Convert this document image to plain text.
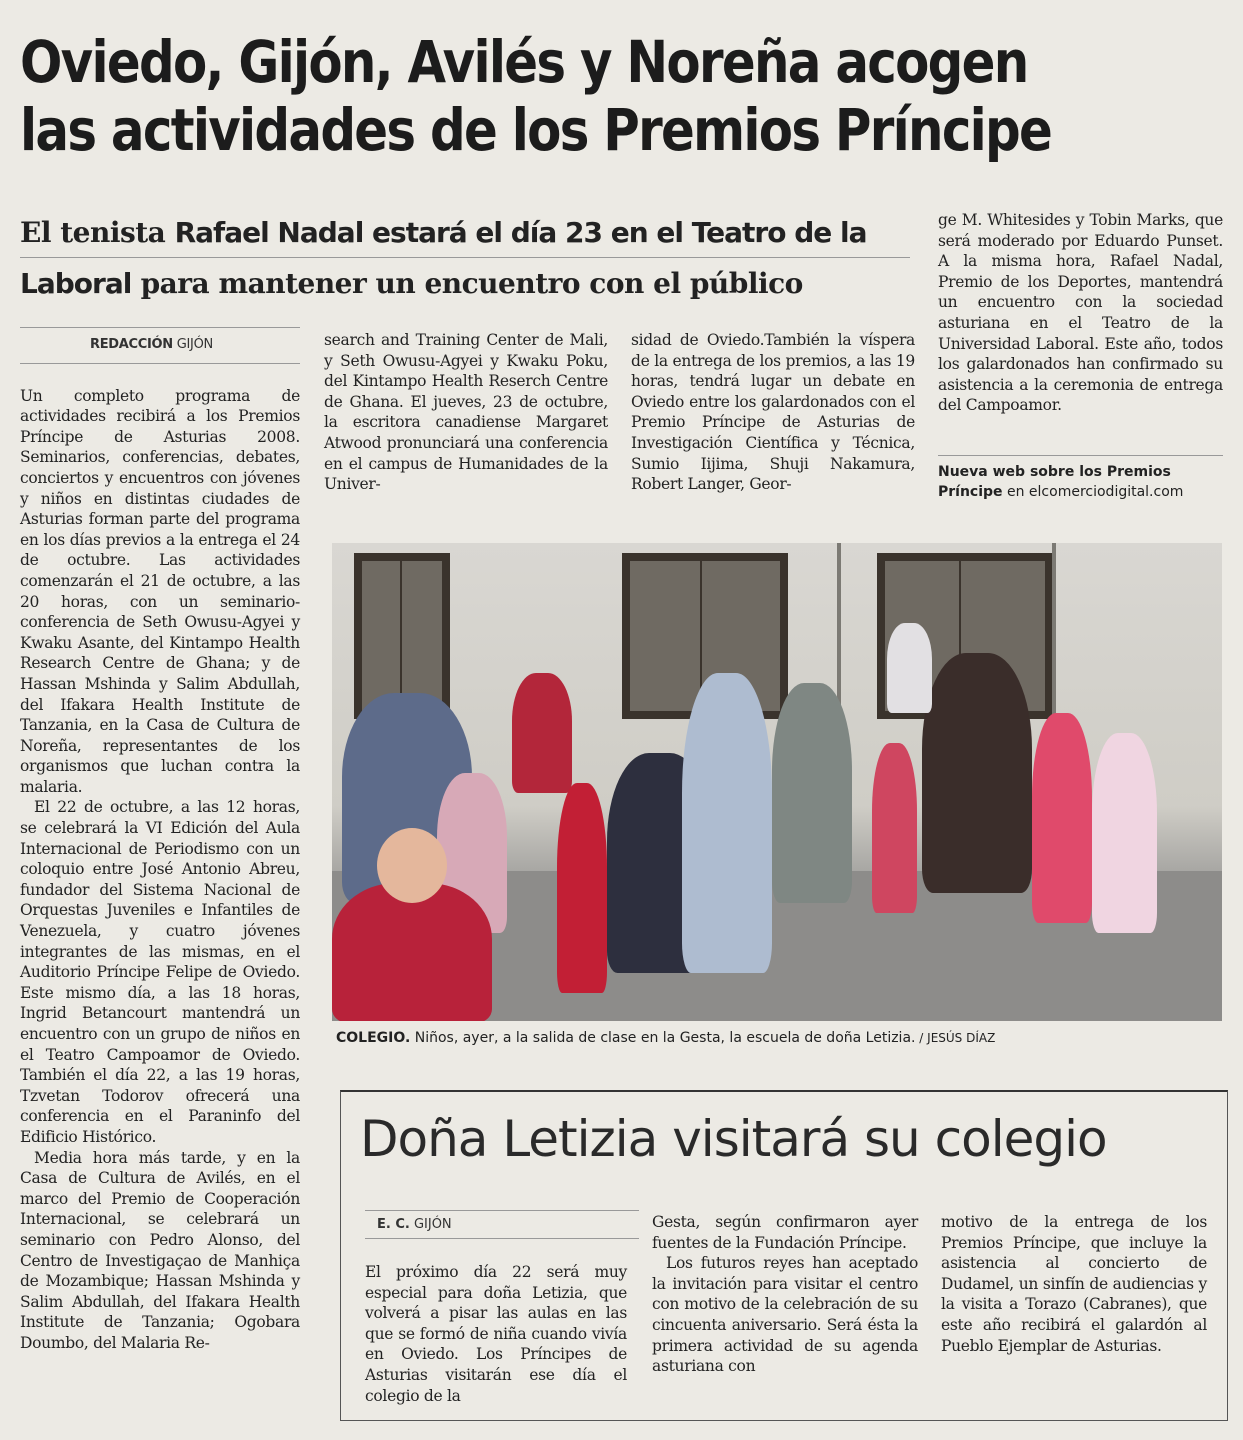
Oviedo, Gijón, Avilés y Noreña acogen
las actividades de los Premios Príncipe
El tenista Rafael Nadal estará el día 23 en el Teatro de la
Laboral para mantener un encuentro con el público
REDACCIÓN GIJÓN

Un completo programa de actividades recibirá a los Premios Príncipe de Asturias 2008. Seminarios, conferencias, debates, conciertos y encuentros con jóvenes y niños en distintas ciudades de Asturias forman parte del programa en los días previos a la entrega el 24 de octubre. Las actividades comenzarán el 21 de octubre, a las 20 horas, con un seminario-conferencia de Seth Owusu-Agyei y Kwaku Asante, del Kintampo Health Research Centre de Ghana; y de Hassan Mshinda y Salim Abdullah, del Ifakara Health Institute de Tanzania, en la Casa de Cultura de Noreña, representantes de los organismos que luchan contra la malaria.

El 22 de octubre, a las 12 horas, se celebrará la VI Edición del Aula Internacional de Periodismo con un coloquio entre José Antonio Abreu, fundador del Sistema Nacional de Orquestas Juveniles e Infantiles de Venezuela, y cuatro jóvenes integrantes de las mismas, en el Auditorio Príncipe Felipe de Oviedo. Este mismo día, a las 18 horas, Ingrid Betancourt mantendrá un encuentro con un grupo de niños en el Teatro Campoamor de Oviedo. También el día 22, a las 19 horas, Tzvetan Todorov ofrecerá una conferencia en el Paraninfo del Edificio Histórico.

Media hora más tarde, y en la Casa de Cultura de Avilés, en el marco del Premio de Cooperación Internacional, se celebrará un seminario con Pedro Alonso, del Centro de Investigaçao de Manhiça de Mozambique; Hassan Mshinda y Salim Abdullah, del Ifakara Health Institute de Tanzania; Ogobara Doumbo, del Malaria Re-

search and Training Center de Mali, y Seth Owusu-Agyei y Kwaku Poku, del Kintampo Health Reserch Centre de Ghana. El jueves, 23 de octubre, la escritora canadiense Margaret Atwood pronunciará una conferencia en el campus de Humanidades de la Univer-

sidad de Oviedo.También la víspera de la entrega de los premios, a las 19 horas, tendrá lugar un debate en Oviedo entre los galardonados con el Premio Príncipe de Asturias de Investigación Científica y Técnica, Sumio Iijima, Shuji Nakamura, Robert Langer, Geor-

ge M. Whitesides y Tobin Marks, que será moderado por Eduardo Punset. A la misma hora, Rafael Nadal, Premio de los Deportes, mantendrá un encuentro con la sociedad asturiana en el Teatro de la Universidad Laboral. Este año, todos los galardonados han confirmado su asistencia a la ceremonia de entrega del Campoamor.

Nueva web sobre los Premios Príncipe en elcomerciodigital.com
COLEGIO. Niños, ayer, a la salida de clase en la Gesta, la escuela de doña Letizia. / JESÚS DÍAZ
Doña Letizia visitará su colegio
E. C. GIJÓN

El próximo día 22 será muy especial para doña Letizia, que volverá a pisar las aulas en las que se formó de niña cuando vivía en Oviedo. Los Príncipes de Asturias visitarán ese día el colegio de la

Gesta, según confirmaron ayer fuentes de la Fundación Príncipe.

Los futuros reyes han aceptado la invitación para visitar el centro con motivo de la celebración de su cincuenta aniversario. Será ésta la primera actividad de su agenda asturiana con

motivo de la entrega de los Premios Príncipe, que incluye la asistencia al concierto de Dudamel, un sinfín de audiencias y la visita a Torazo (Cabranes), que este año recibirá el galardón al Pueblo Ejemplar de Asturias.
